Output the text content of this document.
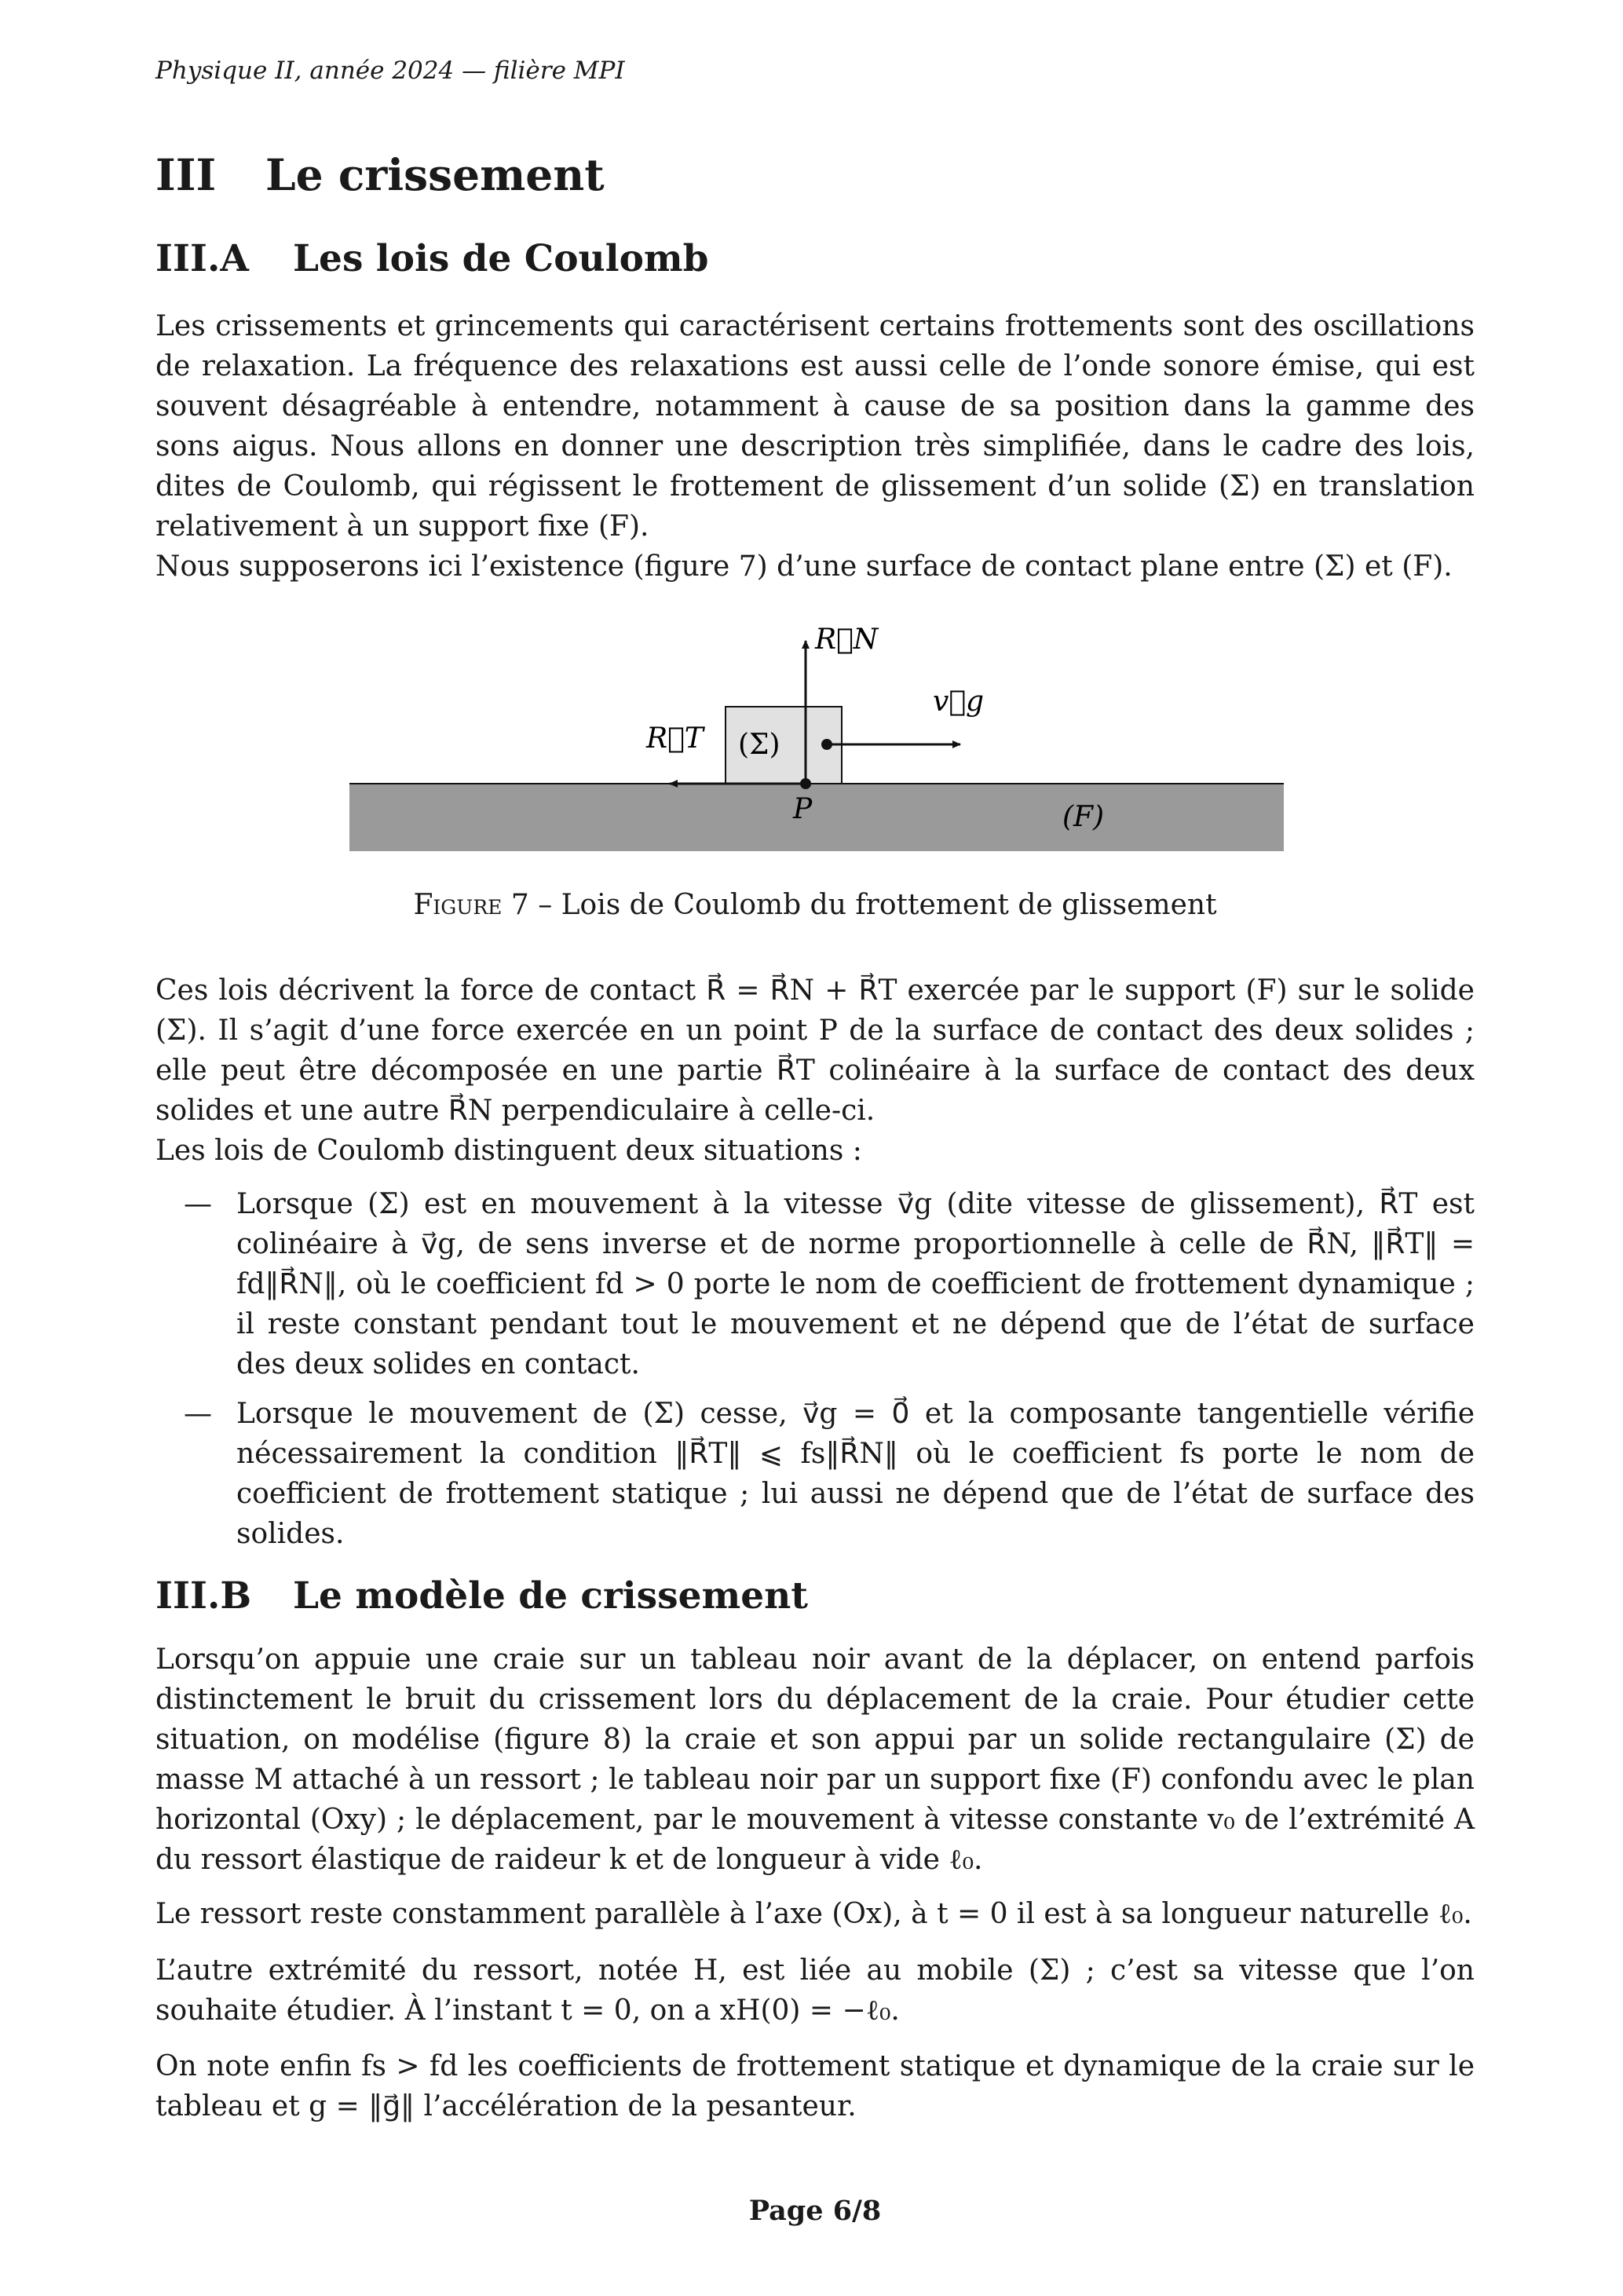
Physique II, année 2024 — filière MPI
III Le crissement
III.A Les lois de Coulomb

Les crissements et grincements qui caractérisent certains frottements sont des oscillations de relaxation. La fréquence des relaxations est aussi celle de l’onde sonore émise, qui est souvent désagréable à entendre, notamment à cause de sa position dans la gamme des sons aigus. Nous allons en donner une description très simplifiée, dans le cadre des lois, dites de Coulomb, qui régissent le frottement de glissement d’un solide (Σ) en translation relativement à un support fixe (F).

Nous supposerons ici l’existence (figure 7) d’une surface de contact plane entre (Σ) et (F).

R⃗N
v⃗g
R⃗T (Σ)
P	(F)
Figure 7 – Lois de Coulomb du frottement de glissement

Ces lois décrivent la force de contact R⃗ = R⃗N + R⃗T exercée par le support (F) sur le solide (Σ). Il s’agit d’une force exercée en un point P de la surface de contact des deux solides ; elle peut être décomposée en une partie R⃗T colinéaire à la surface de contact des deux solides et une autre R⃗N perpendiculaire à celle-ci.

Les lois de Coulomb distinguent deux situations :

— Lorsque (Σ) est en mouvement à la vitesse v⃗g (dite vitesse de glissement), R⃗T est colinéaire à v⃗g, de sens inverse et de norme proportionnelle à celle de R⃗N, ‖R⃗T‖ = fd‖R⃗N‖, où le coefficient fd > 0 porte le nom de coefficient de frottement dynamique ; il reste constant pendant tout le mouvement et ne dépend que de l’état de surface des deux solides en contact.
— Lorsque le mouvement de (Σ) cesse, v⃗g = 0⃗ et la composante tangentielle vérifie nécessairement la condition ‖R⃗T‖ ⩽ fs‖R⃗N‖ où le coefficient fs porte le nom de coefficient de frottement statique ; lui aussi ne dépend que de l’état de surface des solides.
III.B Le modèle de crissement

Lorsqu’on appuie une craie sur un tableau noir avant de la déplacer, on entend parfois distinctement le bruit du crissement lors du déplacement de la craie. Pour étudier cette situation, on modélise (figure 8) la craie et son appui par un solide rectangulaire (Σ) de masse M attaché à un ressort ; le tableau noir par un support fixe (F) confondu avec le plan horizontal (Oxy) ; le déplacement, par le mouvement à vitesse constante v₀ de l’extrémité A du ressort élastique de raideur k et de longueur à vide ℓ₀.

Le ressort reste constamment parallèle à l’axe (Ox), à t = 0 il est à sa longueur naturelle ℓ₀.

L’autre extrémité du ressort, notée H, est liée au mobile (Σ) ; c’est sa vitesse que l’on souhaite étudier. À l’instant t = 0, on a xH(0) = −ℓ₀.

On note enfin fs > fd les coefficients de frottement statique et dynamique de la craie sur le tableau et g = ‖g⃗‖ l’accélération de la pesanteur.

Page 6/8
